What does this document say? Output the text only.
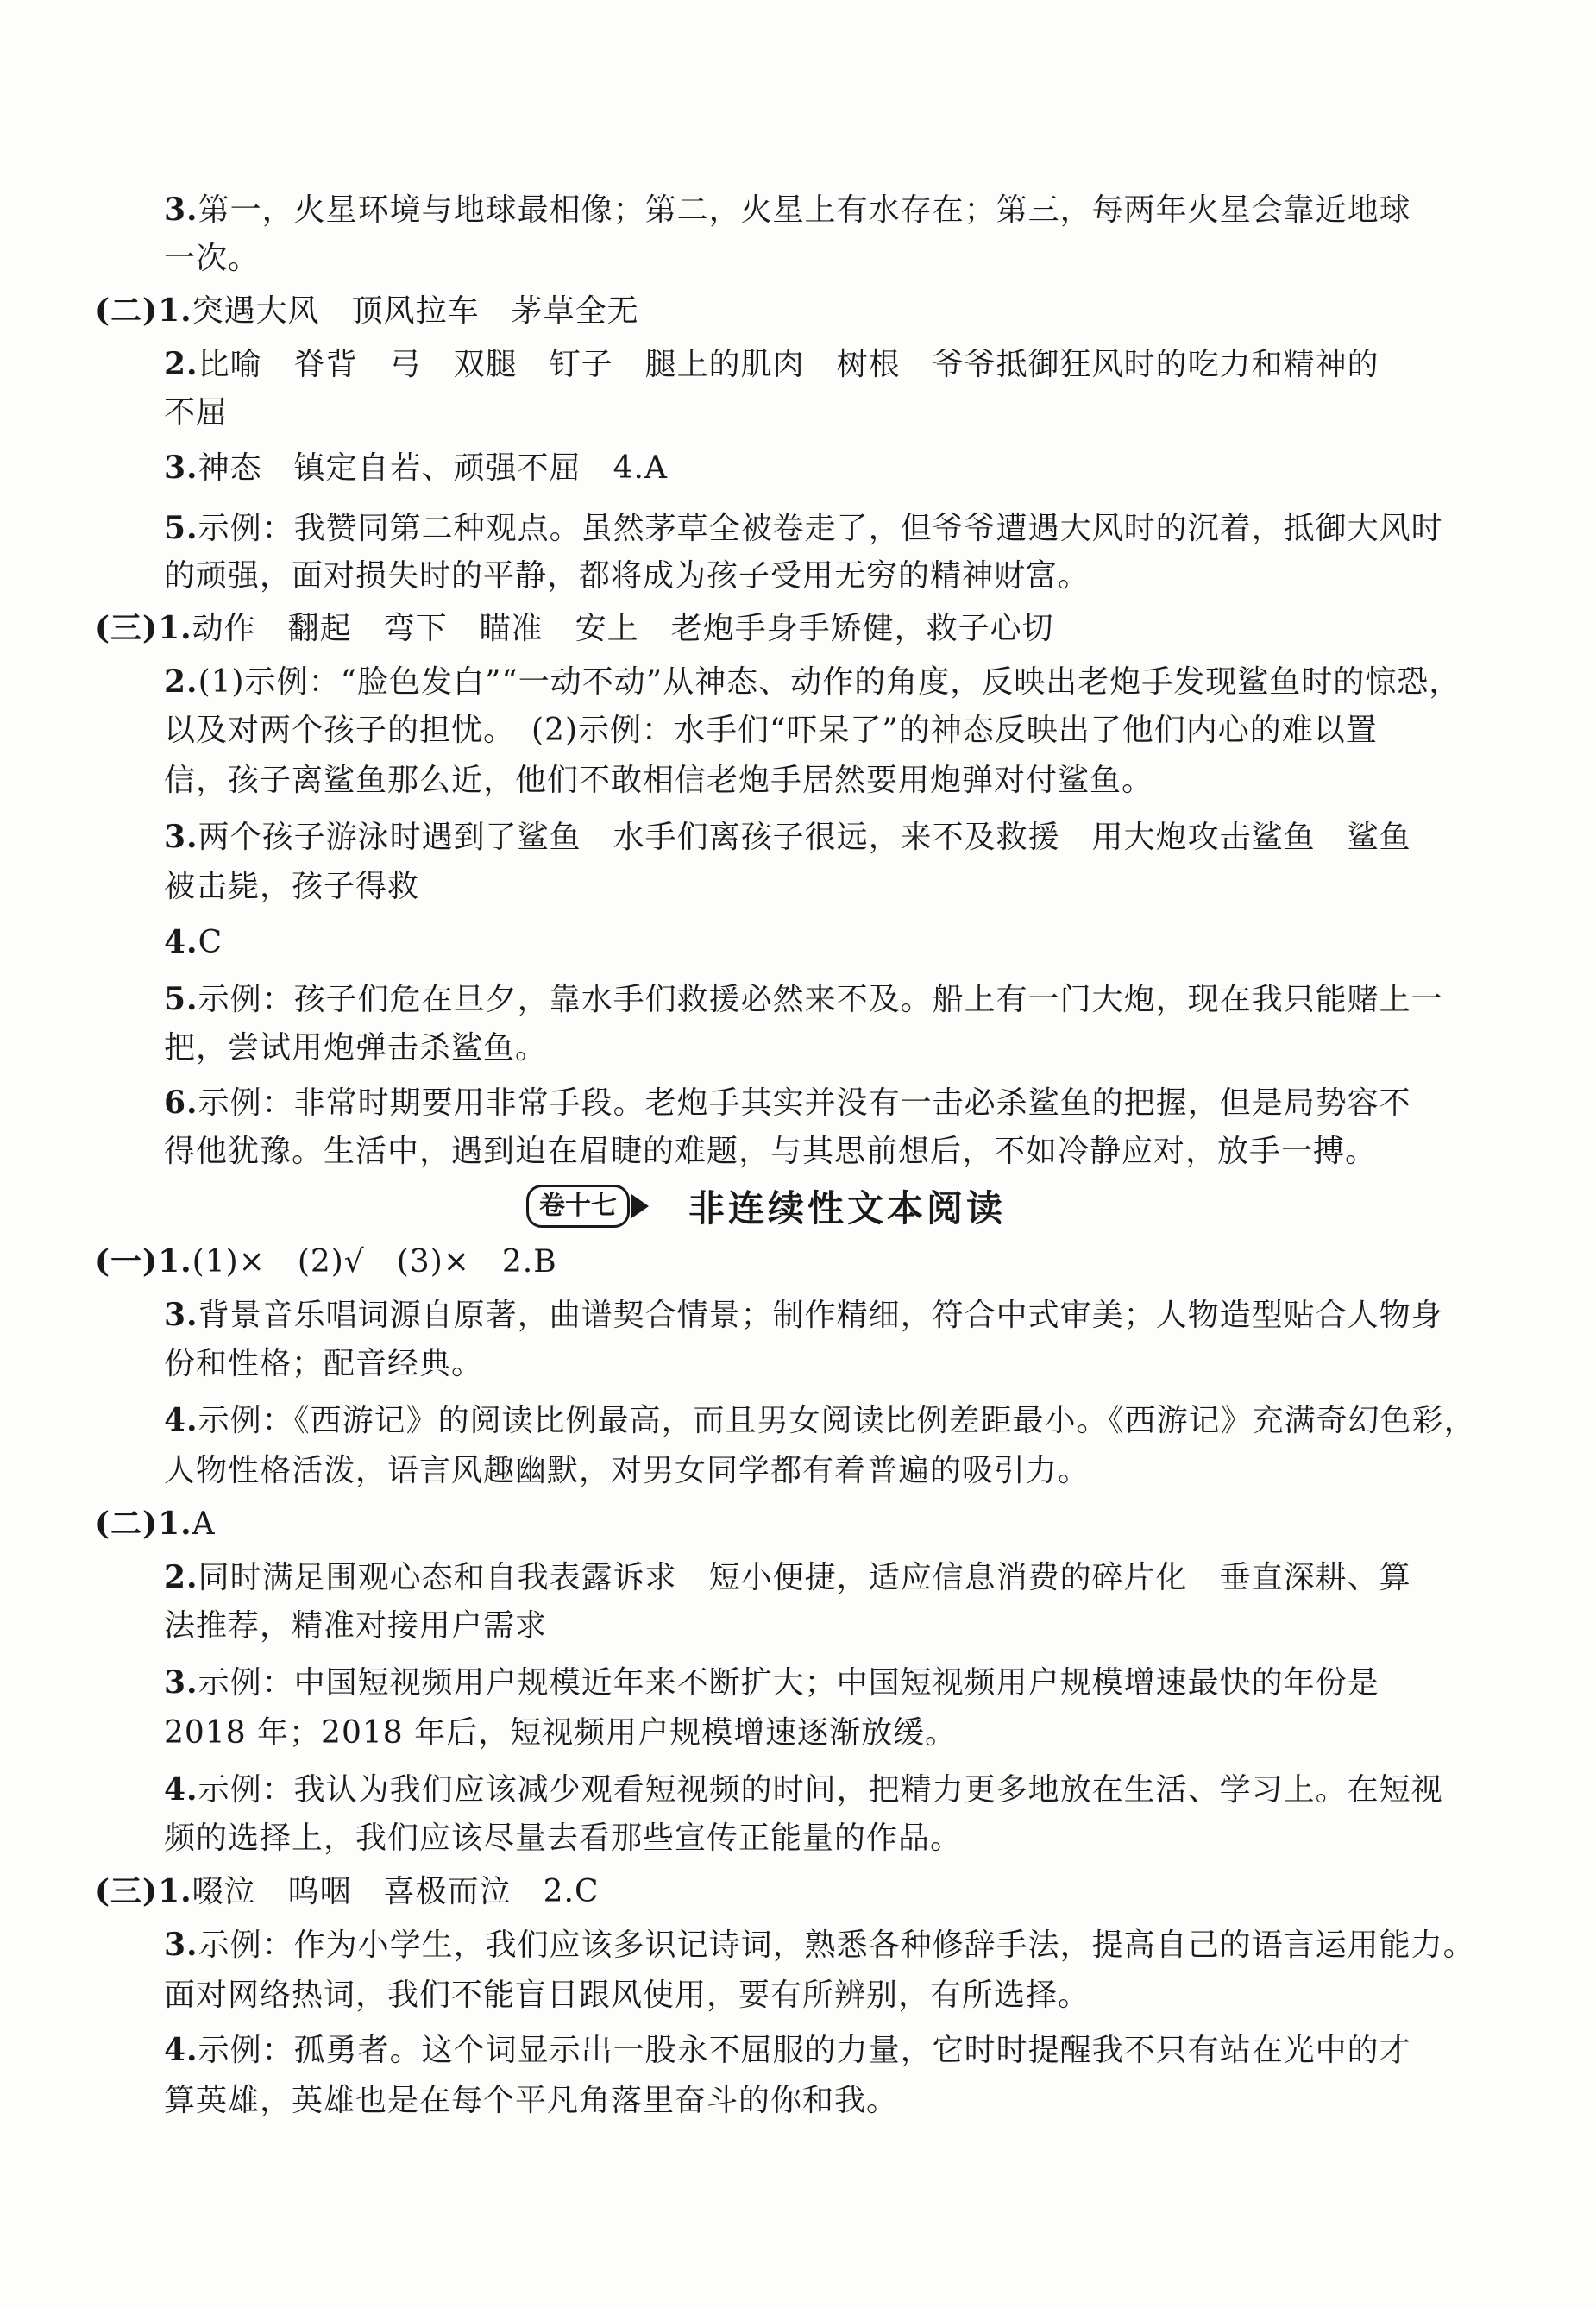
3.第一，火星环境与地球最相像；第二，火星上有水存在；第三，每两年火星会靠近地球
一次。
(二)1.突遇大风　顶风拉车　茅草全无
2.比喻　脊背　弓　双腿　钉子　腿上的肌肉　树根　爷爷抵御狂风时的吃力和精神的
不屈
3.神态　镇定自若、顽强不屈　4.A
5.示例：我赞同第二种观点。虽然茅草全被卷走了，但爷爷遭遇大风时的沉着，抵御大风时
的顽强，面对损失时的平静，都将成为孩子受用无穷的精神财富。
(三)1.动作　翻起　弯下　瞄准　安上　老炮手身手矫健，救子心切
2.(1)示例：“脸色发白”“一动不动”从神态、动作的角度，反映出老炮手发现鲨鱼时的惊恐，
以及对两个孩子的担忧。　(2)示例：水手们“吓呆了”的神态反映出了他们内心的难以置
信，孩子离鲨鱼那么近，他们不敢相信老炮手居然要用炮弹对付鲨鱼。
3.两个孩子游泳时遇到了鲨鱼　水手们离孩子很远，来不及救援　用大炮攻击鲨鱼　鲨鱼
被击毙，孩子得救
4.C
5.示例：孩子们危在旦夕，靠水手们救援必然来不及。船上有一门大炮，现在我只能赌上一
把，尝试用炮弹击杀鲨鱼。
6.示例：非常时期要用非常手段。老炮手其实并没有一击必杀鲨鱼的把握，但是局势容不
得他犹豫。生活中，遇到迫在眉睫的难题，与其思前想后，不如冷静应对，放手一搏。
卷十七	非连续性文本阅读
(一)1.(1)×　(2)√　(3)×　2.B
3.背景音乐唱词源自原著，曲谱契合情景；制作精细，符合中式审美；人物造型贴合人物身
份和性格；配音经典。
4.示例：《西游记》的阅读比例最高，而且男女阅读比例差距最小。《西游记》充满奇幻色彩，
人物性格活泼，语言风趣幽默，对男女同学都有着普遍的吸引力。
(二)1.A
2.同时满足围观心态和自我表露诉求　短小便捷，适应信息消费的碎片化　垂直深耕、算
法推荐，精准对接用户需求
3.示例：中国短视频用户规模近年来不断扩大；中国短视频用户规模增速最快的年份是
2018 年；2018 年后，短视频用户规模增速逐渐放缓。
4.示例：我认为我们应该减少观看短视频的时间，把精力更多地放在生活、学习上。在短视
频的选择上，我们应该尽量去看那些宣传正能量的作品。
(三)1.啜泣　呜咽　喜极而泣　2.C
3.示例：作为小学生，我们应该多识记诗词，熟悉各种修辞手法，提高自己的语言运用能力。
面对网络热词，我们不能盲目跟风使用，要有所辨别，有所选择。
4.示例：孤勇者。这个词显示出一股永不屈服的力量，它时时提醒我不只有站在光中的才
算英雄，英雄也是在每个平凡角落里奋斗的你和我。
